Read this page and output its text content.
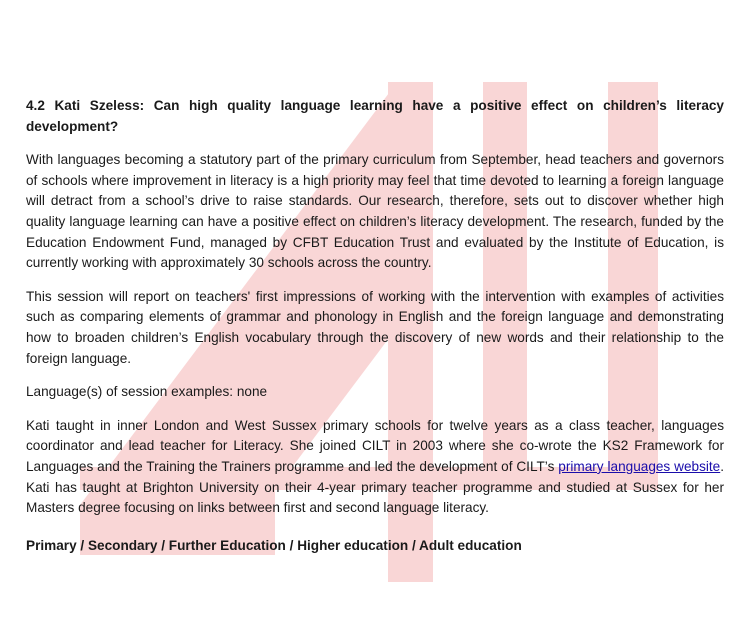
4.2 Kati Szeless: Can high quality language learning have a positive effect on children’s literacy development?

With languages becoming a statutory part of the primary curriculum from September, head teachers and governors of schools where improvement in literacy is a high priority may feel that time devoted to learning a foreign language will detract from a school’s drive to raise standards. Our research, therefore, sets out to discover whether high quality language learning can have a positive effect on children’s literacy development. The research, funded by the Education Endowment Fund, managed by CFBT Education Trust and evaluated by the Institute of Education, is currently working with approximately 30 schools across the country.

This session will report on teachers' first impressions of working with the intervention with examples of activities such as comparing elements of grammar and phonology in English and the foreign language and demonstrating how to broaden children’s English vocabulary through the discovery of new words and their relationship to the foreign language.

Language(s) of session examples: none

Kati taught in inner London and West Sussex primary schools for twelve years as a class teacher, languages coordinator and lead teacher for Literacy. She joined CILT in 2003 where she co-wrote the KS2 Framework for Languages and the Training the Trainers programme and led the development of CILT’s primary languages website. Kati has taught at Brighton University on their 4-year primary teacher programme and studied at Sussex for her Masters degree focusing on links between first and second language literacy.

Primary / Secondary / Further Education / Higher education / Adult education
